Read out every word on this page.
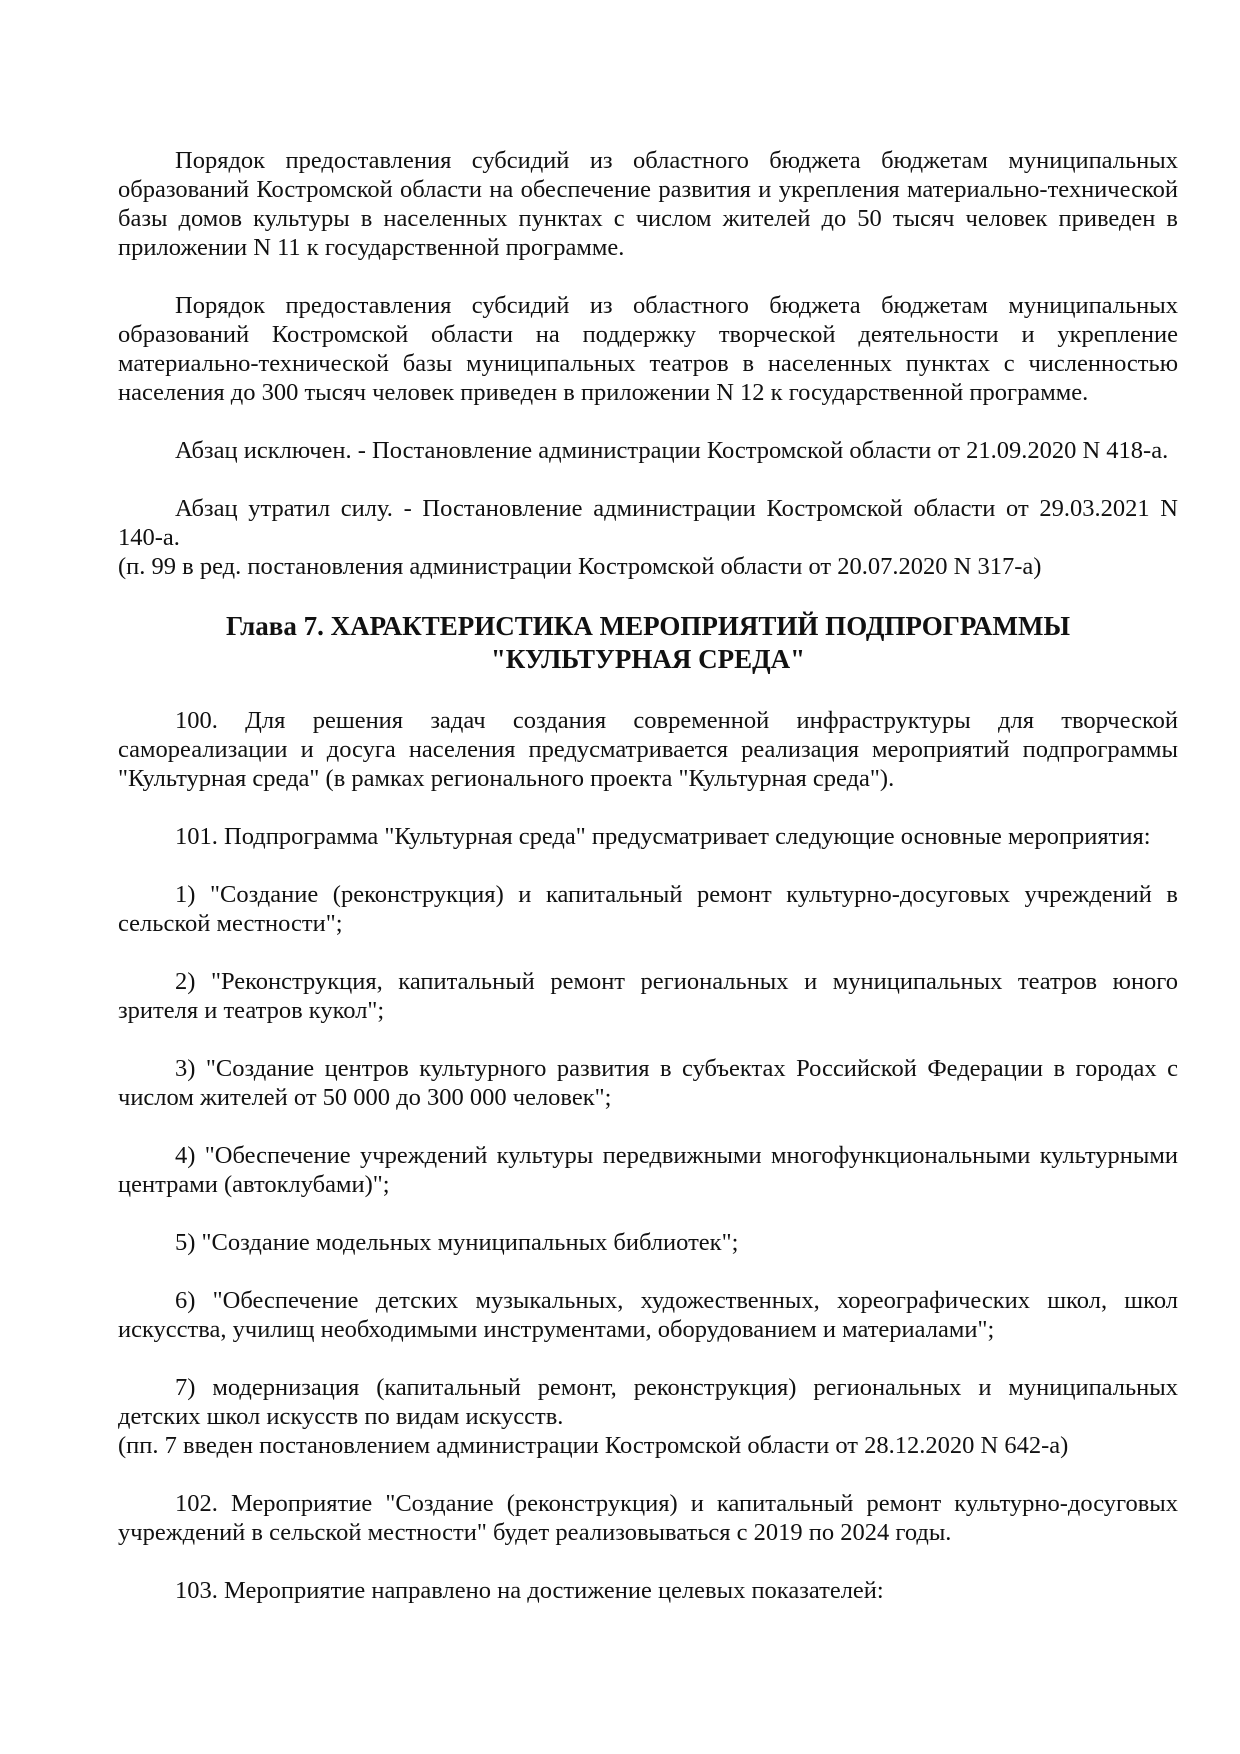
Порядок предоставления субсидий из областного бюджета бюджетам муниципальных образований Костромской области на обеспечение развития и укрепления материально-технической базы домов культуры в населенных пунктах с числом жителей до 50 тысяч человек приведен в приложении N 11 к государственной программе.

Порядок предоставления субсидий из областного бюджета бюджетам муниципальных образований Костромской области на поддержку творческой деятельности и укрепление материально-технической базы муниципальных театров в населенных пунктах с численностью населения до 300 тысяч человек приведен в приложении N 12 к государственной программе.

Абзац исключен. - Постановление администрации Костромской области от 21.09.2020 N 418-а.

Абзац утратил силу. - Постановление администрации Костромской области от 29.03.2021 N 140-а.

(п. 99 в ред. постановления администрации Костромской области от 20.07.2020 N 317-а)

Глава 7. ХАРАКТЕРИСТИКА МЕРОПРИЯТИЙ ПОДПРОГРАММЫ
"КУЛЬТУРНАЯ СРЕДА"

100. Для решения задач создания современной инфраструктуры для творческой самореализации и досуга населения предусматривается реализация мероприятий подпрограммы "Культурная среда" (в рамках регионального проекта "Культурная среда").

101. Подпрограмма "Культурная среда" предусматривает следующие основные мероприятия:

1) "Создание (реконструкция) и капитальный ремонт культурно-досуговых учреждений в сельской местности";

2) "Реконструкция, капитальный ремонт региональных и муниципальных театров юного зрителя и театров кукол";

3) "Создание центров культурного развития в субъектах Российской Федерации в городах с числом жителей от 50 000 до 300 000 человек";

4) "Обеспечение учреждений культуры передвижными многофункциональными культурными центрами (автоклубами)";

5) "Создание модельных муниципальных библиотек";

6) "Обеспечение детских музыкальных, художественных, хореографических школ, школ искусства, училищ необходимыми инструментами, оборудованием и материалами";

7) модернизация (капитальный ремонт, реконструкция) региональных и муниципальных детских школ искусств по видам искусств.

(пп. 7 введен постановлением администрации Костромской области от 28.12.2020 N 642-а)

102. Мероприятие "Создание (реконструкция) и капитальный ремонт культурно-досуговых учреждений в сельской местности" будет реализовываться с 2019 по 2024 годы.

103. Мероприятие направлено на достижение целевых показателей:
